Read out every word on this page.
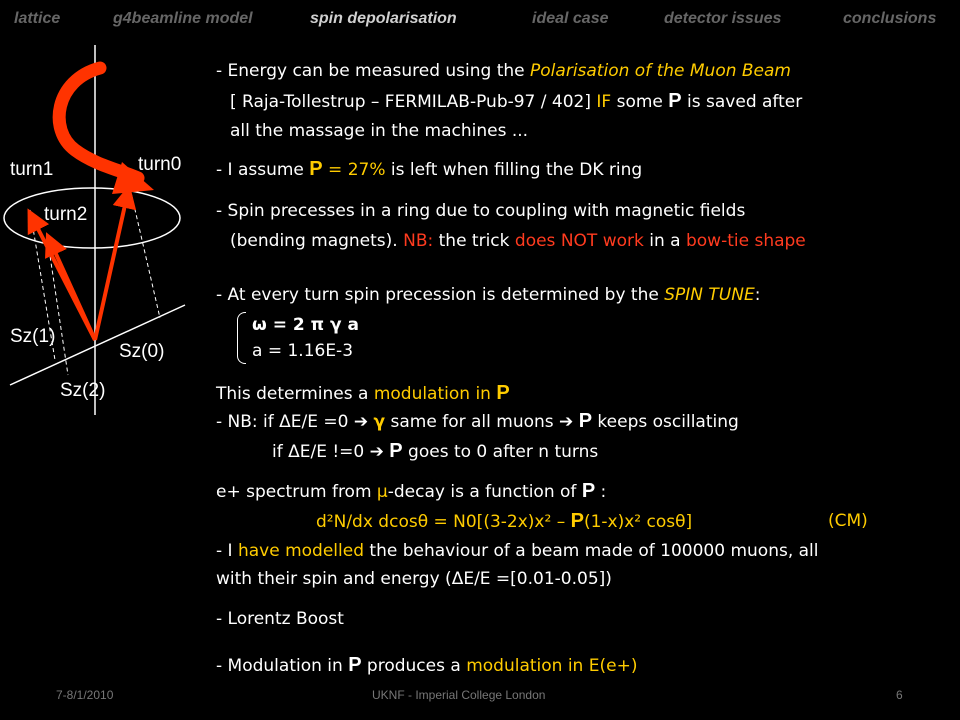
lattice	g4beamline model	spin depolarisation	ideal case	detector issues	conclusions
turn0
turn1
turn2
Sz(1)
Sz(0)
Sz(2)
- Energy can be measured using the Polarisation of the Muon Beam
[ Raja-Tollestrup – FERMILAB-Pub-97 / 402] IF some P is saved after
all the massage in the machines ...
- I assume P = 27% is left when filling the DK ring
- Spin precesses in a ring due to coupling with magnetic fields
(bending magnets). NB: the trick does NOT work in a bow-tie shape
- At every turn spin precession is determined by the SPIN TUNE:
ω = 2 π γ a
a = 1.16E-3
This determines a modulation in P
- NB: if ΔE/E =0 ➔ γ same for all muons ➔ P keeps oscillating
if ΔE/E !=0 ➔ P goes to 0 after n turns
e+ spectrum from μ-decay is a function of P :
d²N/dx dcosθ = N0[(3-2x)x² – P(1-x)x² cosθ]	(CM)
- I have modelled the behaviour of a beam made of 100000 muons, all
with their spin and energy (ΔE/E =[0.01-0.05])
- Lorentz Boost
- Modulation in P produces a modulation in E(e+)
7-8/1/2010	UKNF - Imperial College London	6
